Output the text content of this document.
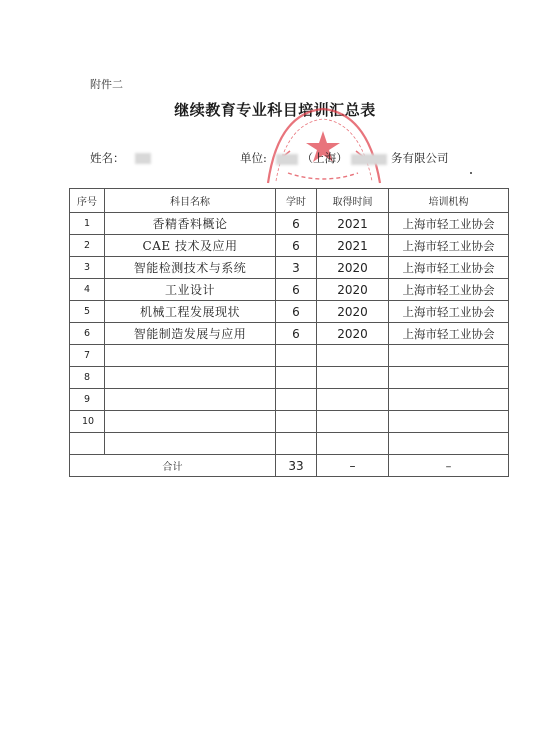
附件二
继续教育专业科目培训汇总表
姓名：	单位:	（上海）	务有限公司
序号	科目名称	学时	取得时间	培训机构
1	香精香料概论	6	2021	上海市轻工业协会
2	CAE 技术及应用	6	2021	上海市轻工业协会
3	智能检测技术与系统	3	2020	上海市轻工业协会
4	工业设计	6	2020	上海市轻工业协会
5	机械工程发展现状	6	2020	上海市轻工业协会
6	智能制造发展与应用	6	2020	上海市轻工业协会
7				
8				
9				
10				

合计		33	–	–
